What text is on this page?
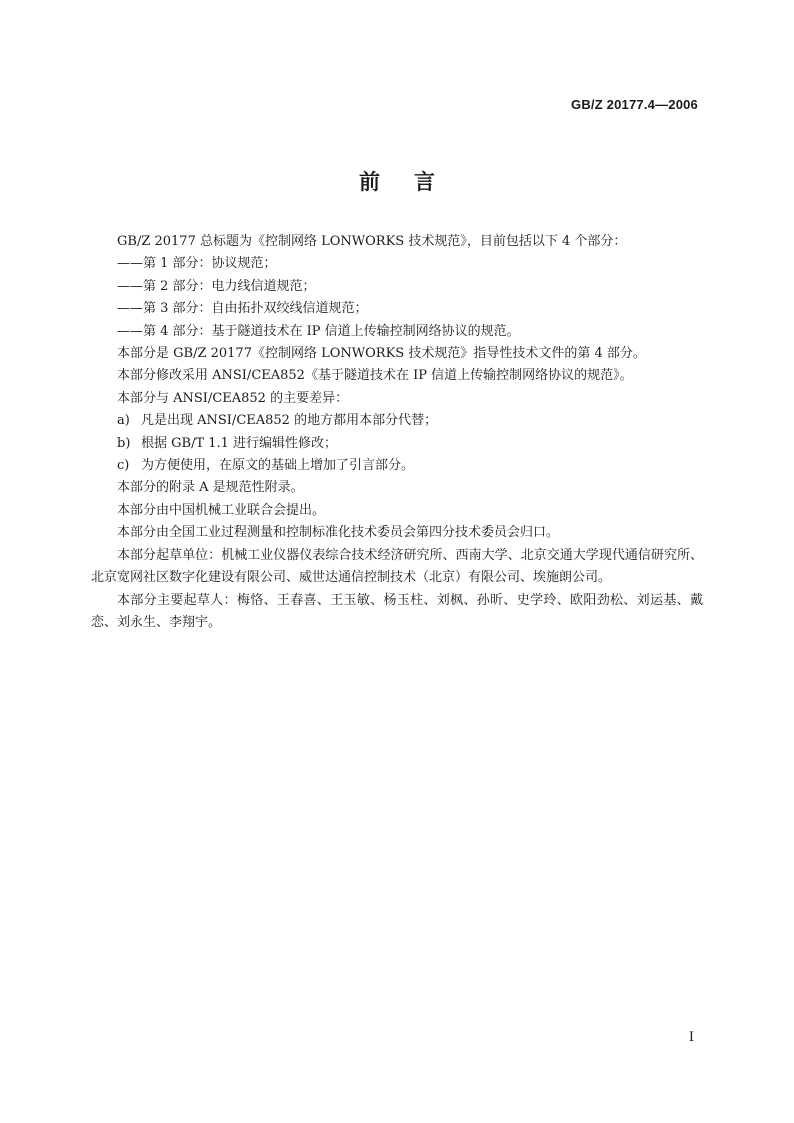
GB/Z 20177.4—2006
前 言

GB/Z 20177 总标题为《控制网络 LONWORKS 技术规范》，目前包括以下 4 个部分：

——第 1 部分：协议规范；

——第 2 部分：电力线信道规范；

——第 3 部分：自由拓扑双绞线信道规范；

——第 4 部分：基于隧道技术在 IP 信道上传输控制网络协议的规范。

本部分是 GB/Z 20177《控制网络 LONWORKS 技术规范》指导性技术文件的第 4 部分。

本部分修改采用 ANSI/CEA852《基于隧道技术在 IP 信道上传输控制网络协议的规范》。

本部分与 ANSI/CEA852 的主要差异：

a) 凡是出现 ANSI/CEA852 的地方都用本部分代替；

b) 根据 GB/T 1.1 进行编辑性修改；

c) 为方便使用，在原文的基础上增加了引言部分。

本部分的附录 A 是规范性附录。

本部分由中国机械工业联合会提出。

本部分由全国工业过程测量和控制标准化技术委员会第四分技术委员会归口。

本部分起草单位：机械工业仪器仪表综合技术经济研究所、西南大学、北京交通大学现代通信研究所、北京宽网社区数字化建设有限公司、威世达通信控制技术（北京）有限公司、埃施朗公司。

本部分主要起草人：梅恪、王春喜、王玉敏、杨玉柱、刘枫、孙昕、史学玲、欧阳劲松、刘运基、戴恋、刘永生、李翔宇。

I
